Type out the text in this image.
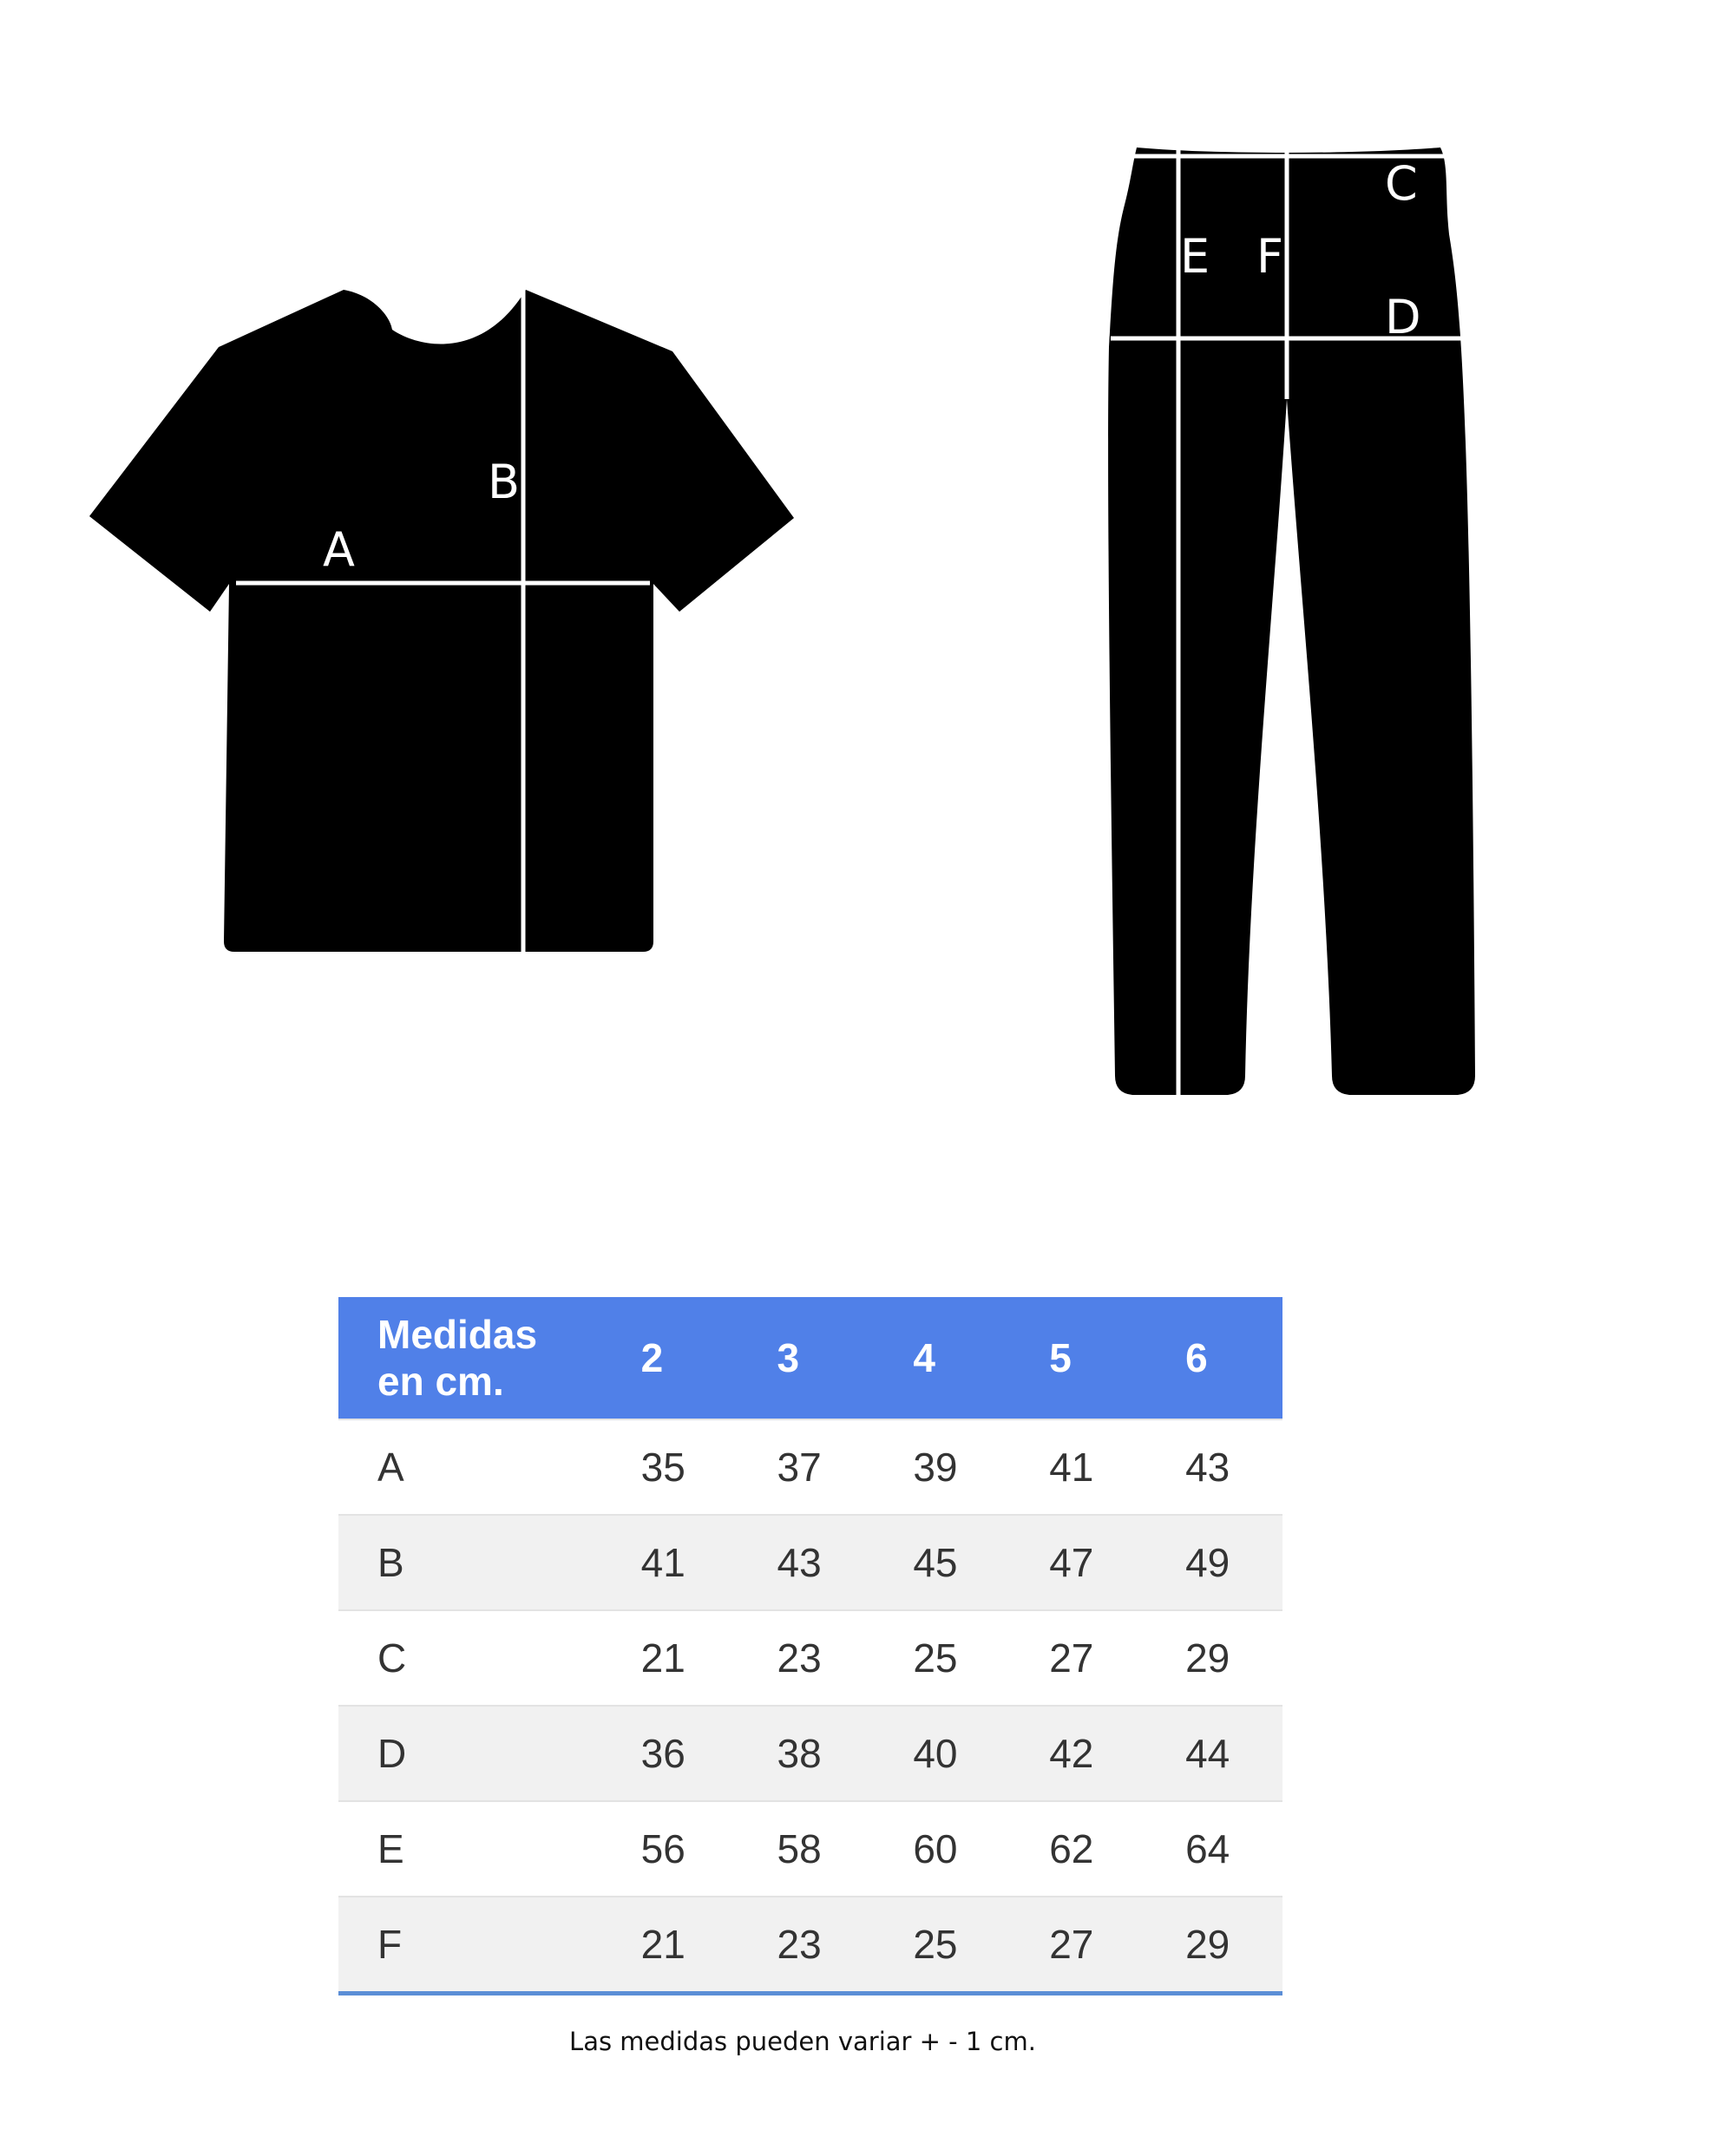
A
B
C
D
E F
Medidas
en cm.	2	3	4	5	6
A	35	37	39	41	43
B	41	43	45	47	49
C	21	23	25	27	29
D	36	38	40	42	44
E	56	58	60	62	64
F	21	23	25	27	29
Las medidas pueden variar + - 1 cm.
